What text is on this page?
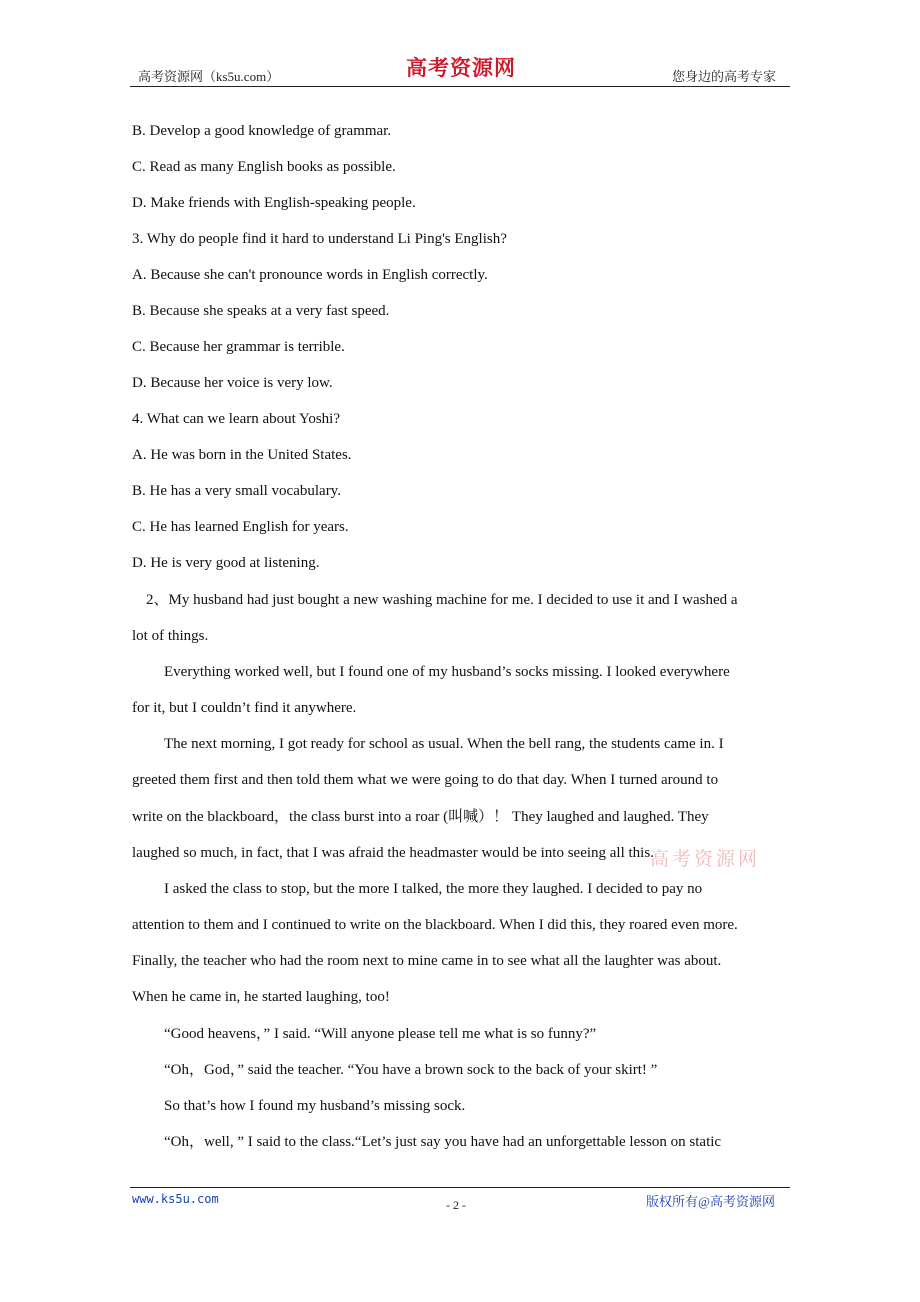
高考资源网（ks5u.com）	高考资源网	您身边的高考专家
B. Develop a good knowledge of grammar.
C. Read as many English books as possible.
D. Make friends with English-speaking people.
3. Why do people find it hard to understand Li Ping's English?
A. Because she can't pronounce words in English correctly.
B. Because she speaks at a very fast speed.
C. Because her grammar is terrible.
D. Because her voice is very low.
4. What can we learn about Yoshi?
A. He was born in the United States.
B. He has a very small vocabulary.
C. He has learned English for years.
D. He is very good at listening.
2、My husband had just bought a new washing machine for me. I decided to use it and I washed a
lot of things.
Everything worked well, but I found one of my husband’s socks missing. I looked everywhere
for it, but I couldn’t find it anywhere.
The next morning, I got ready for school as usual. When the bell rang, the students came in. I
greeted them first and then told them what we were going to do that day. When I turned around to
write on the blackboard，the class burst into a roar (叫喊）！ They laughed and laughed. They
laughed so much, in fact, that I was afraid the headmaster would be into seeing all this.
I asked the class to stop, but the more I talked, the more they laughed. I decided to pay no
attention to them and I continued to write on the blackboard. When I did this, they roared even more.
Finally, the teacher who had the room next to mine came in to see what all the laughter was about.
When he came in, he started laughing, too!
“Good heavens，” I said. “Will anyone please tell me what is so funny?”
“Oh，God，” said the teacher. “You have a brown sock to the back of your skirt! ”
So that’s how I found my husband’s missing sock.
“Oh，well, ” I said to the class.“Let’s just say you have had an unforgettable lesson on static
高考资源网
www.ks5u.com	- 2 -	版权所有@高考资源网
